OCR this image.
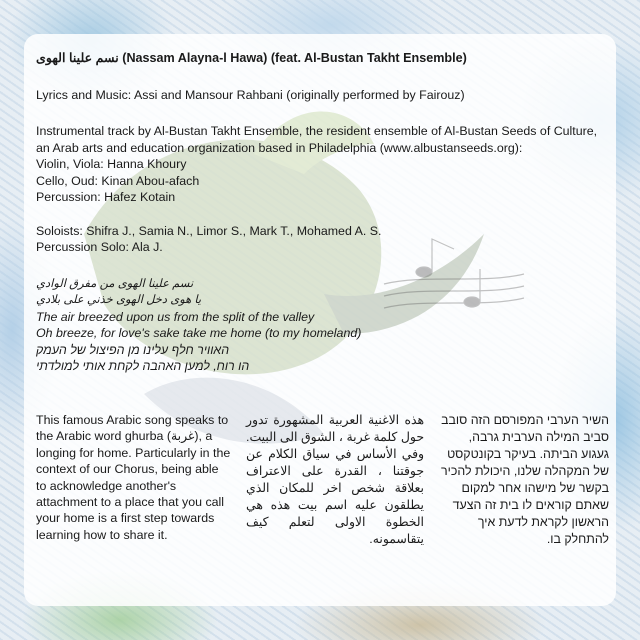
نسم علينا الهوى (Nassam Alayna-l Hawa) (feat. Al-Bustan Takht Ensemble)
Lyrics and Music: Assi and Mansour Rahbani (originally performed by Fairouz)
Instrumental track by Al-Bustan Takht Ensemble, the resident ensemble of Al-Bustan Seeds of Culture, an Arab arts and education organization based in Philadelphia (www.albustanseeds.org):
Violin, Viola: Hanna Khoury
Cello, Oud: Kinan Abou-afach
Percussion: Hafez Kotain
Soloists: Shifra J., Samia N., Limor S., Mark T., Mohamed A. S.
Percussion Solo: Ala J.
نسم علينا الهوى من مفرق الوادي
يا هوى دخل الهوى خذني على بلادي
The air breezed upon us from the split of the valley
Oh breeze, for love's sake take me home (to my homeland)
האוויר חלף עלינו מן הפיצול של העמק
הו רוח, למען האהבה לקחת אותי למולדתי
This famous Arabic song speaks to the Arabic word ghurba (غربة), a longing for home. Particularly in the context of our Chorus, being able to acknowledge another's attachment to a place that you call your home is a first step towards learning how to share it.
هذه الاغنية العربية المشهورة تدور حول كلمة غربة ، الشوق الى البيت. وفي الأساس في سياق الكلام عن جوقتنا ، القدرة على الاعتراف بعلاقة شخص اخر للمكان الذي يطلقون عليه اسم بيت هذه هي الخطوة الاولى لتعلم كيف يتقاسمونه.
השיר הערבי המפורסם הזה סובב סביב המילה הערבית גרבה, געגוע הביתה. בעיקר בקונטקסט של המקהלה שלנו, היכולת להכיר בקשר של מישהו אחר למקום שאתם קוראים לו בית זה הצעד הראשון לקראת לדעת איך להתחלק בו.
